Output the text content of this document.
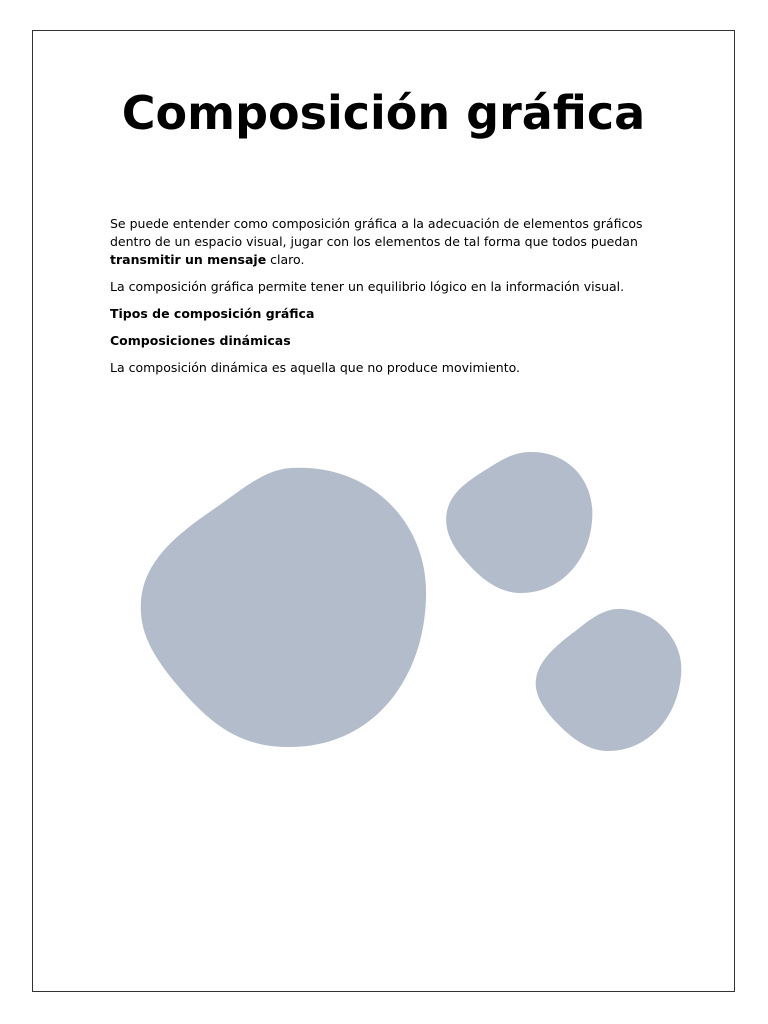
Composición gráfica

Se puede entender como composición gráfica a la adecuación de elementos gráficos dentro de un espacio visual, jugar con los elementos de tal forma que todos puedan transmitir un mensaje claro.

La composición gráfica permite tener un equilibrio lógico en la información visual.

Tipos de composición gráfica

Composiciones dinámicas

La composición dinámica es aquella que no produce movimiento.
